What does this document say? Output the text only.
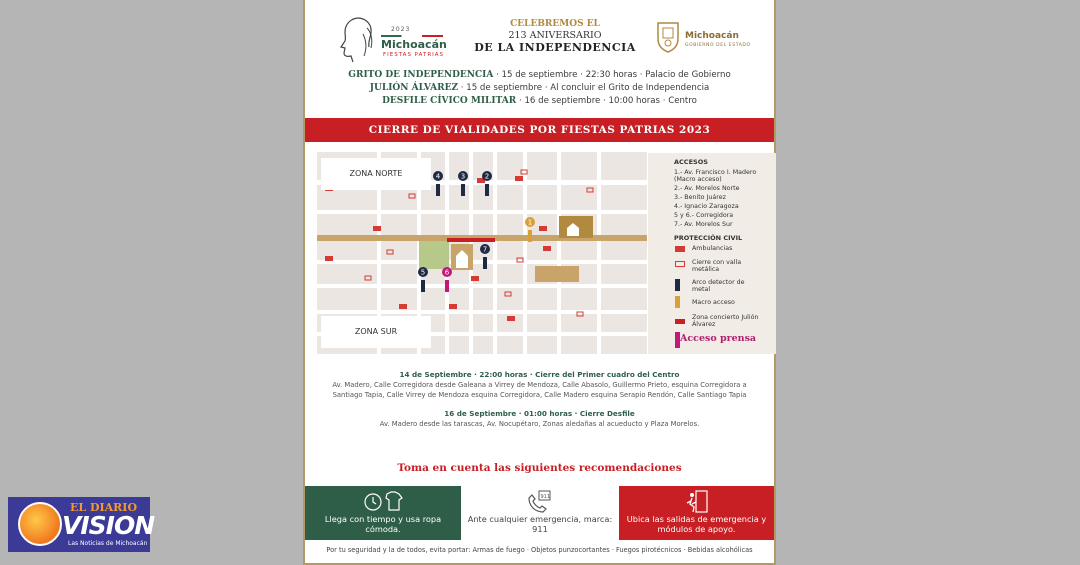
2023
Michoacán
FIESTAS PATRIAS
CELEBREMOS EL
213 ANIVERSARIO
DE LA INDEPENDENCIA
Michoacán
GOBIERNO DEL ESTADO
GRITO DE INDEPENDENCIA · 15 de septiembre · 22:30 horas · Palacio de Gobierno
JULIÓN ÁLVAREZ · 15 de septiembre · Al concluir el Grito de Independencia
DESFILE CÍVICO MILITAR · 16 de septiembre · 10:00 horas · Centro
CIERRE DE VIALIDADES POR FIESTAS PATRIAS 2023
4	3	2
1
7
5	6
ZONA NORTE
ZONA SUR
ACCESOS
1.- Av. Francisco I. Madero (Macro acceso)
2.- Av. Morelos Norte
3.- Benito Juárez
4.- Ignacio Zaragoza
5 y 6.- Corregidora
7.- Av. Morelos Sur
PROTECCIÓN CIVIL
Ambulancias
Cierre con valla metálica
Arco detector de metal
Macro acceso
Zona concierto Julión Álvarez
Acceso prensa
14 de Septiembre · 22:00 horas · Cierre del Primer cuadro del Centro
Av. Madero, Calle Corregidora desde Galeana a Virrey de Mendoza, Calle Abasolo, Guillermo Prieto, esquina Corregidora a
Santiago Tapia, Calle Virrey de Mendoza esquina Corregidora, Calle Madero esquina Serapio Rendón, Calle Santiago Tapia
16 de Septiembre · 01:00 horas · Cierre Desfile
Av. Madero desde las tarascas, Av. Nocupétaro, Zonas aledañas al acueducto y Plaza Morelos.
Toma en cuenta las siguientes recomendaciones
Llega con tiempo y usa ropa cómoda.
911
Ante cualquier emergencia, marca: 911
Ubica las salidas de emergencia y módulos de apoyo.
Por tu seguridad y la de todos, evita portar: Armas de fuego · Objetos punzocortantes · Fuegos pirotécnicos · Bebidas alcohólicas
EL DIARIO
VISION
Las Noticias de Michoacán
